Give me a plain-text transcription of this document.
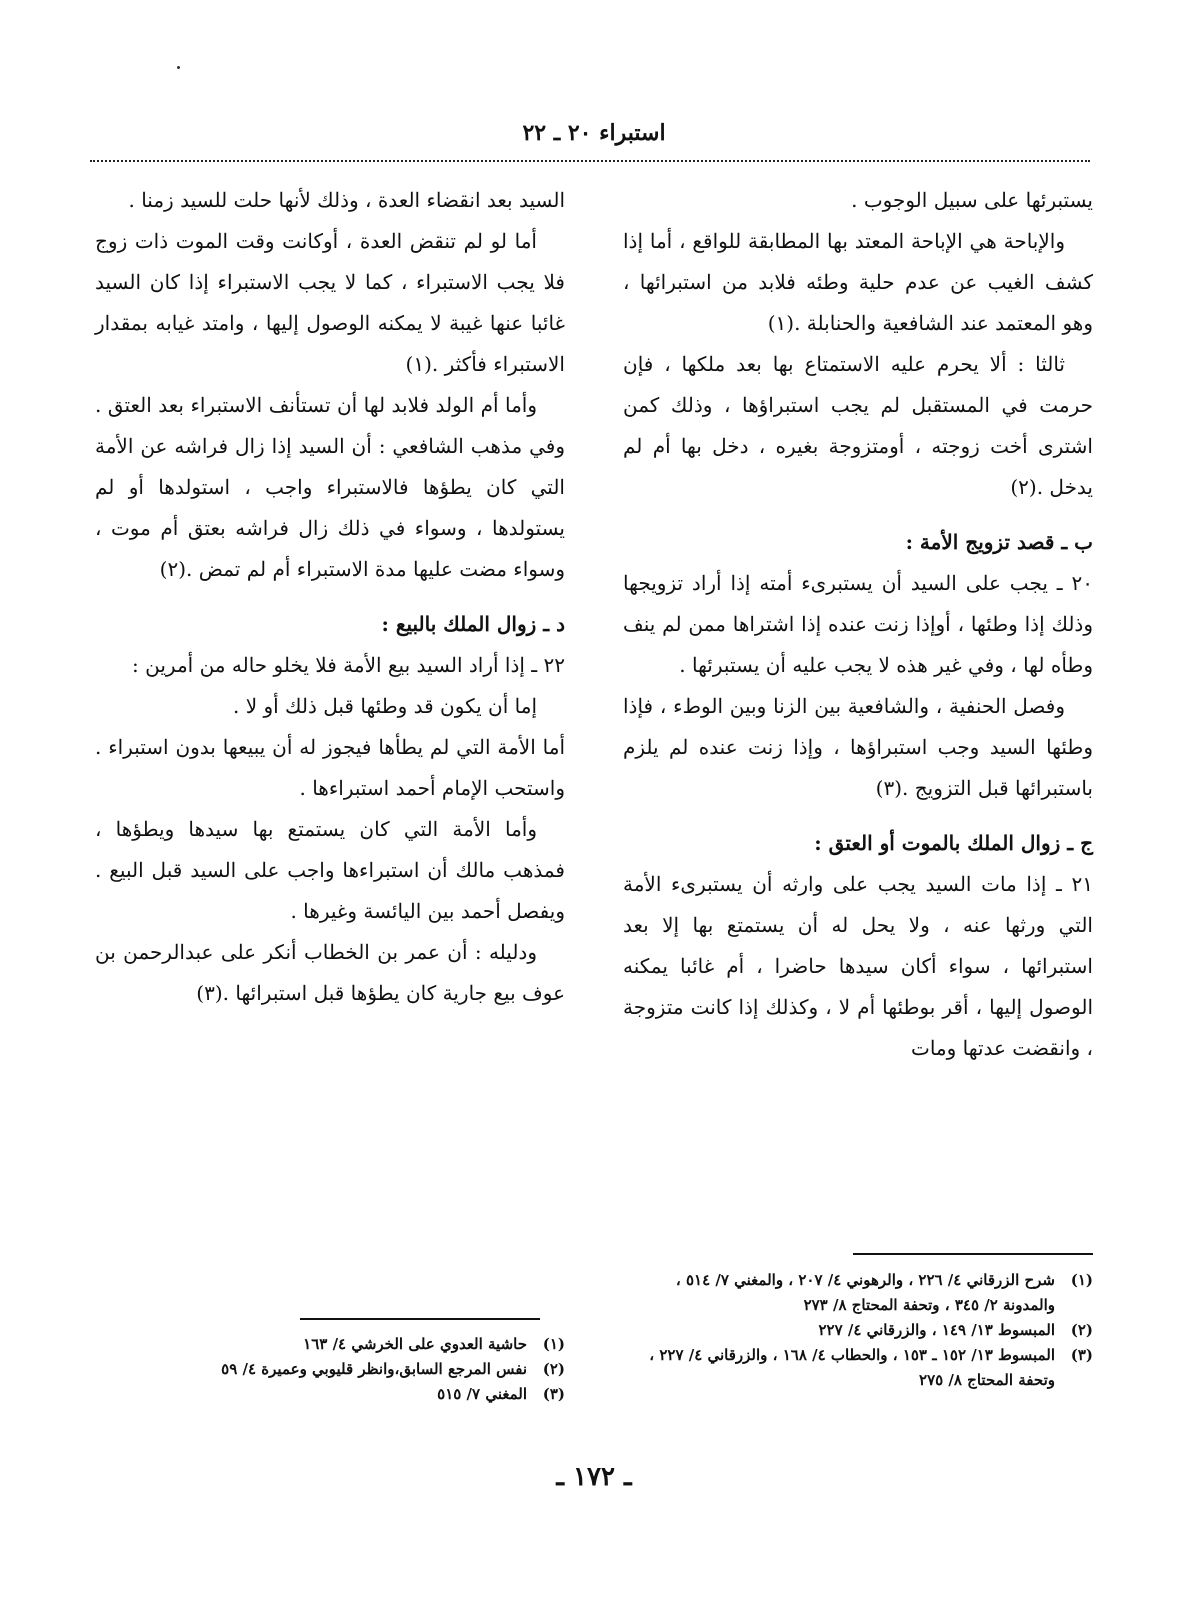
استبراء ٢٠ ـ ٢٢

يستبرئها على سبيل الوجوب .

والإباحة هي الإباحة المعتد بها المطابقة للواقع ، أما إذا كشف الغيب عن عدم حلية وطئه فلابد من استبرائها ، وهو المعتمد عند الشافعية والحنابلة .(١)

ثالثا : ألا يحرم عليه الاستمتاع بها بعد ملكها ، فإن حرمت في المستقبل لم يجب استبراؤها ، وذلك كمن اشترى أخت زوجته ، أومتزوجة بغيره ، دخل بها أم لم يدخل .(٢)

ب ـ قصد تزويج الأمة :

٢٠ ـ يجب على السيد أن يستبرىء أمته إذا أراد تزويجها وذلك إذا وطئها ، أوإذا زنت عنده إذا اشتراها ممن لم ينف وطأه لها ، وفي غير هذه لا يجب عليه أن يستبرئها .

وفصل الحنفية ، والشافعية بين الزنا وبين الوطء ، فإذا وطئها السيد وجب استبراؤها ، وإذا زنت عنده لم يلزم باستبرائها قبل التزويج .(٣)

ج ـ زوال الملك بالموت أو العتق :

٢١ ـ إذا مات السيد يجب على وارثه أن يستبرىء الأمة التي ورثها عنه ، ولا يحل له أن يستمتع بها إلا بعد استبرائها ، سواء أكان سيدها حاضرا ، أم غائبا يمكنه الوصول إليها ، أقر بوطئها أم لا ، وكذلك إذا كانت متزوجة ، وانقضت عدتها ومات

السيد بعد انقضاء العدة ، وذلك لأنها حلت للسيد زمنا .

أما لو لم تنقض العدة ، أوكانت وقت الموت ذات زوج فلا يجب الاستبراء ، كما لا يجب الاستبراء إذا كان السيد غائبا عنها غيبة لا يمكنه الوصول إليها ، وامتد غيابه بمقدار الاستبراء فأكثر .(١)

وأما أم الولد فلابد لها أن تستأنف الاستبراء بعد العتق . وفي مذهب الشافعي : أن السيد إذا زال فراشه عن الأمة التي كان يطؤها فالاستبراء واجب ، استولدها أو لم يستولدها ، وسواء في ذلك زال فراشه بعتق أم موت ، وسواء مضت عليها مدة الاستبراء أم لم تمض .(٢)

د ـ زوال الملك بالبيع :

٢٢ ـ إذا أراد السيد بيع الأمة فلا يخلو حاله من أمرين :

إما أن يكون قد وطئها قبل ذلك أو لا .

أما الأمة التي لم يطأها فيجوز له أن يبيعها بدون استبراء . واستحب الإمام أحمد استبراءها .

وأما الأمة التي كان يستمتع بها سيدها ويطؤها ، فمذهب مالك أن استبراءها واجب على السيد قبل البيع . ويفصل أحمد بين اليائسة وغيرها .

ودليله : أن عمر بن الخطاب أنكر على عبدالرحمن بن عوف بيع جارية كان يطؤها قبل استبرائها .(٣)

(١)
شرح الزرقاني ٤/ ٢٢٦ ، والرهوني ٤/ ٢٠٧ ، والمغني ٧/ ٥١٤ ، والمدونة ٢/ ٣٤٥ ، وتحفة المحتاج ٨/ ٢٧٣
(٢)
المبسوط ١٣/ ١٤٩ ، والزرقاني ٤/ ٢٢٧
(٣)
المبسوط ١٣/ ١٥٢ ـ ١٥٣ ، والحطاب ٤/ ١٦٨ ، والزرقاني ٤/ ٢٢٧ ، وتحفة المحتاج ٨/ ٢٧٥
(١)
حاشية العدوي على الخرشي ٤/ ١٦٣
(٢)
نفس المرجع السابق،وانظر قليوبي وعميرة ٤/ ٥٩
(٣)
المغني ٧/ ٥١٥
ـ ١٧٢ ـ
